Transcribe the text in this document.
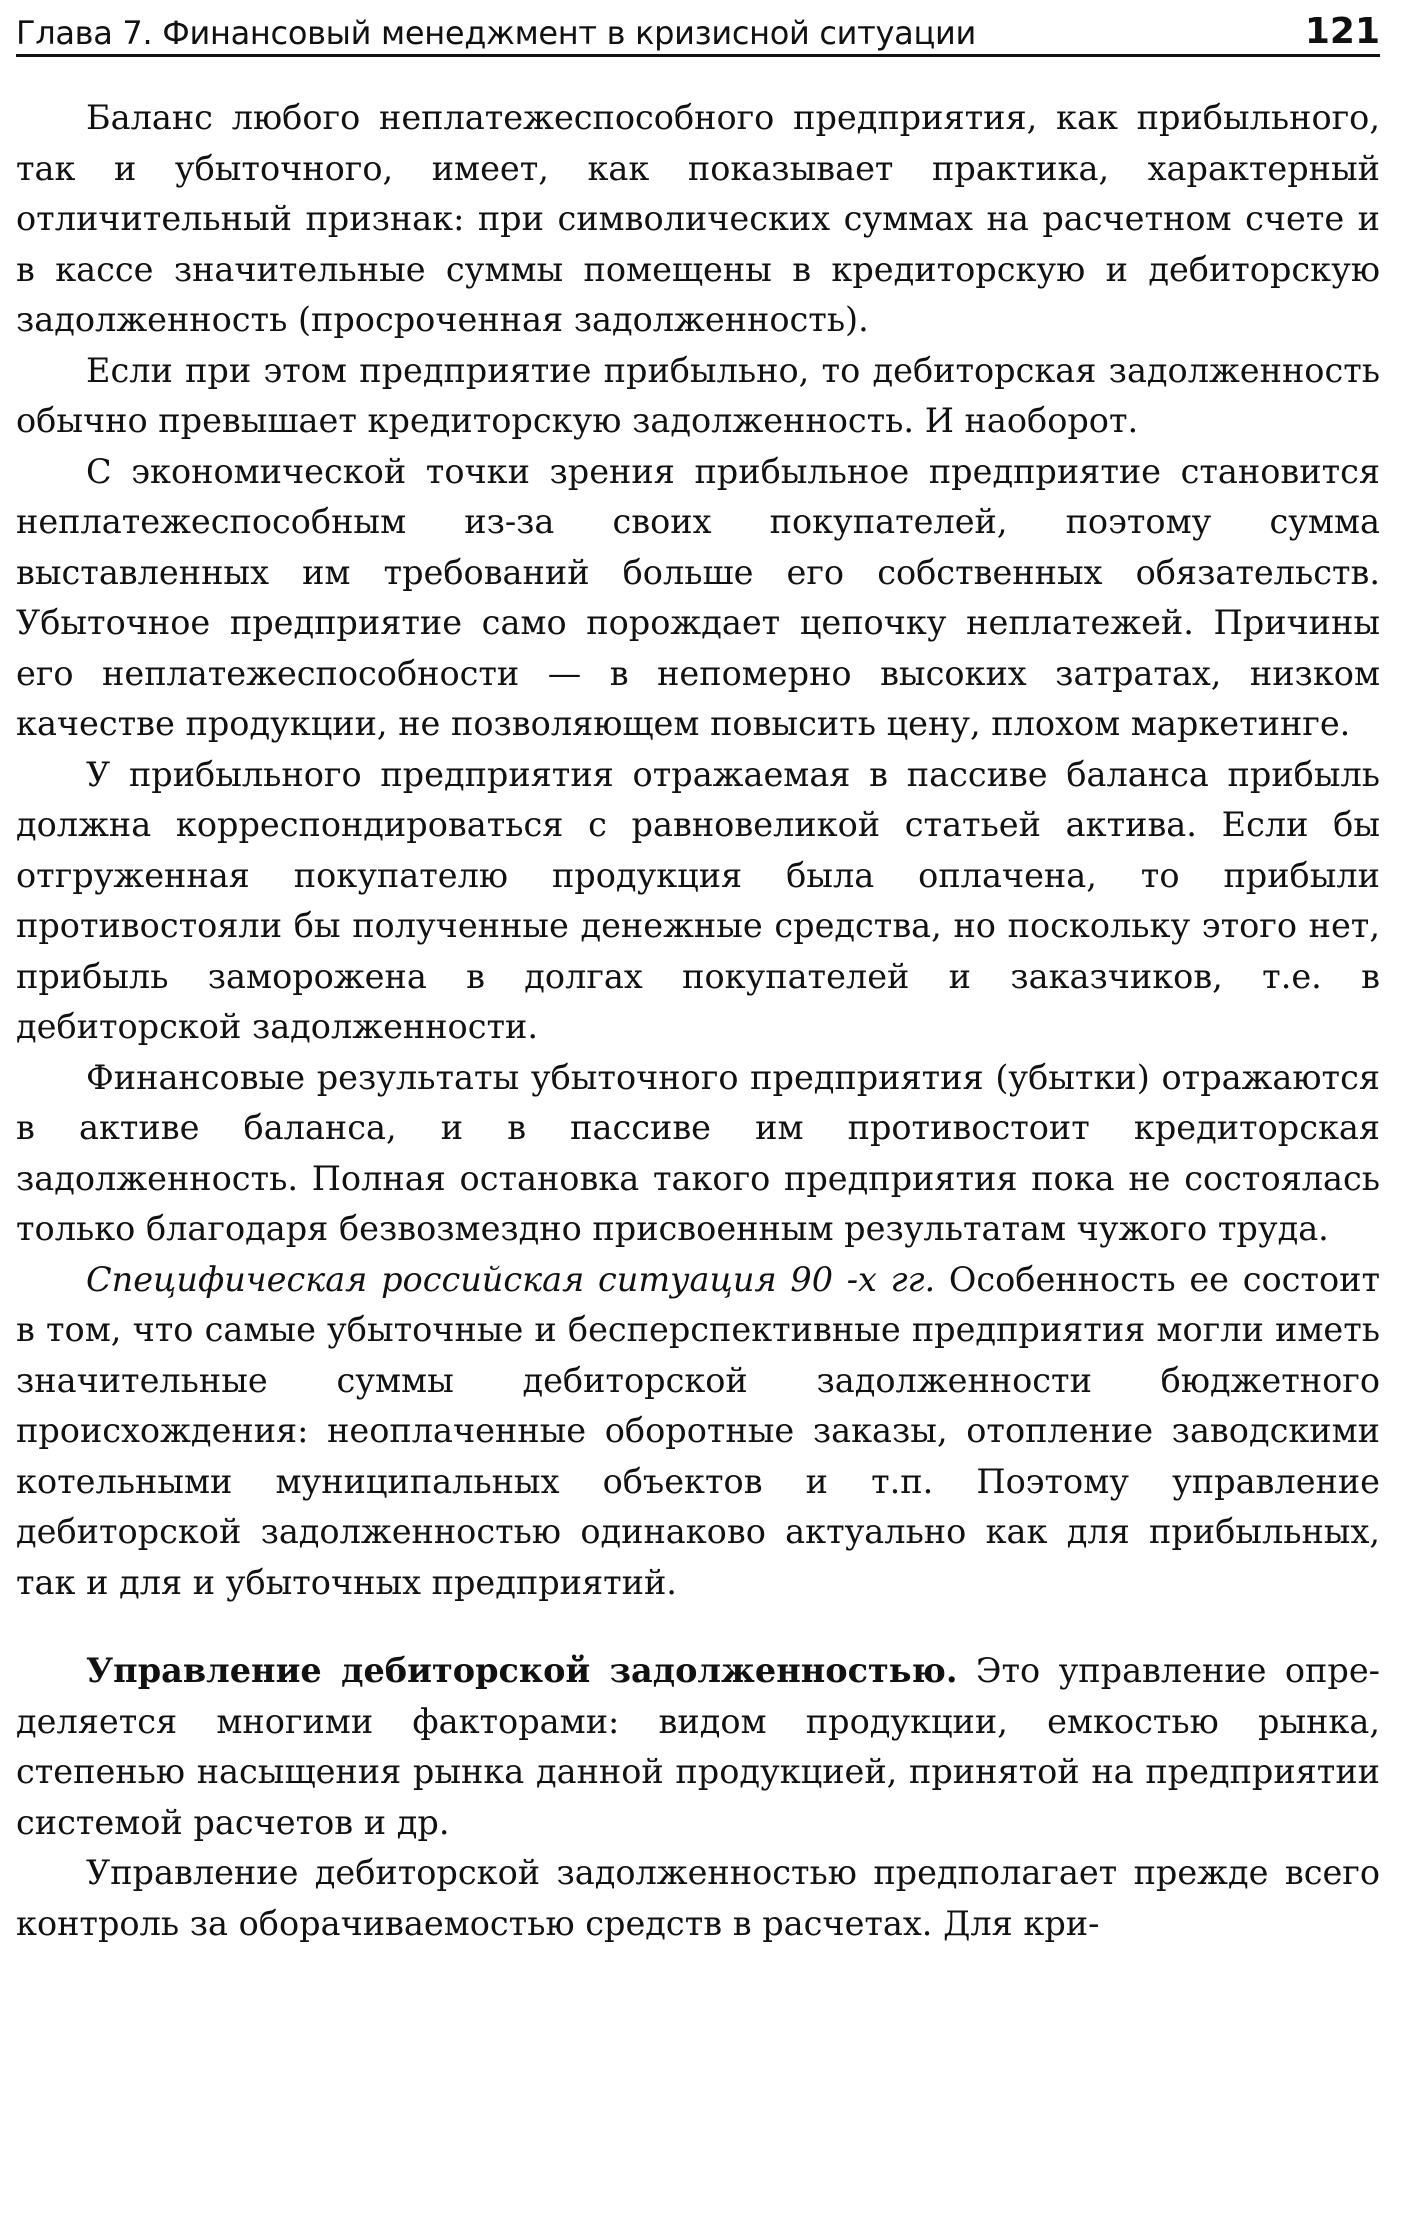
Глава 7. Финансовый менеджмент в кризисной ситуации	121

Баланс любого неплатежеспособного предприятия, как прибыльного, так и убыточного, имеет, как показывает практика, характерный отличительный признак: при символических суммах на расчетном счете и в кассе значительные суммы помещены в кредиторскую и дебиторскую задолженность (просроченная задолженность).

Если при этом предприятие прибыльно, то дебиторская задолженность обычно превышает кредиторскую задолженность. И наоборот.

С экономической точки зрения прибыльное предприятие становится неплатежеспособным из-за своих покупателей, поэтому сумма выставленных им требований больше его собственных обязательств. Убыточное предприятие само порождает цепочку неплатежей. Причины его неплатежеспособности — в непомерно высоких затратах, низком качестве продукции, не позволяющем повысить цену, плохом маркетинге.

У прибыльного предприятия отражаемая в пассиве баланса прибыль должна корреспондироваться с равновеликой статьей актива. Если бы отгруженная покупателю продукция была оплачена, то прибыли противостояли бы полученные денежные средства, но поскольку этого нет, прибыль заморожена в долгах покупателей и заказчиков, т.е. в дебиторской задолженности.

Финансовые результаты убыточного предприятия (убытки) отражаются в активе баланса, и в пассиве им противостоит кредиторская задолженность. Полная остановка такого предприятия пока не состоялась только благодаря безвозмездно присвоенным результатам чужого труда.

Специфическая российская ситуация 90 -х гг. Особенность ее состоит в том, что самые убыточные и бесперспективные предприятия могли иметь значительные суммы дебиторской задолженности бюджетного происхождения: неоплаченные оборотные заказы, отопление заводскими котельными муниципальных объектов и т.п. Поэтому управление дебиторской задолженностью одинаково актуально как для прибыльных, так и для и убыточных предприятий.

Управление дебиторской задолженностью. Это управление определяется многими факторами: видом продукции, емкостью рынка, степенью насыщения рынка данной продукцией, принятой на предприятии системой расчетов и др.

Управление дебиторской задолженностью предполагает прежде всего контроль за оборачиваемостью средств в расчетах. Для кри-
